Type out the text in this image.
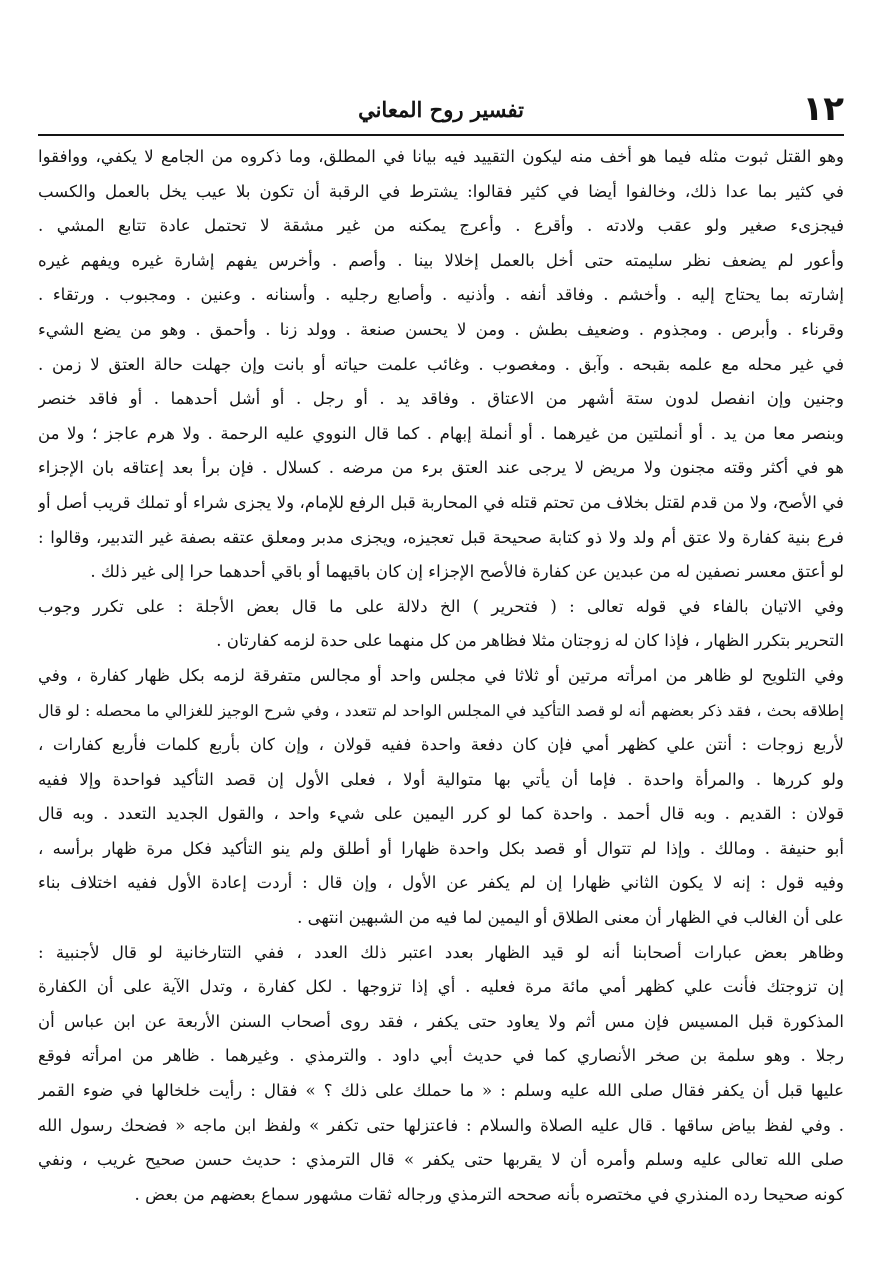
١٢
تفسير روح المعاني
وهو القتل ثبوت مثله فيما هو أخف منه ليكون التقييد فيه بيانا في المطلق، وما ذكروه من الجامع لا يكفي، ووافقوا
في كثير بما عدا ذلك، وخالفوا أيضا في كثير فقالوا: يشترط في الرقبة أن تكون بلا عيب يخل بالعمل والكسب
فيجزىء صغير ولو عقب ولادته . وأقرع . وأعرج يمكنه من غير مشقة لا تحتمل عادة تتابع المشي .
وأعور لم يضعف نظر سليمته حتى أخل بالعمل إخلالا بينا . وأصم . وأخرس يفهم إشارة غيره ويفهم غيره
إشارته بما يحتاج إليه . وأخشم . وفاقد أنفه . وأذنيه . وأصابع رجليه . وأسنانه . وعنين . ومجبوب . ورتقاء .
وقرناء . وأبرص . ومجذوم . وضعيف بطش . ومن لا يحسن صنعة . وولد زنا . وأحمق . وهو من يضع الشيء
في غير محله مع علمه بقبحه . وآبق . ومغصوب . وغائب علمت حياته أو بانت وإن جهلت حالة العتق لا زمن .
وجنين وإن انفصل لدون ستة أشهر من الاعتاق . وفاقد يد . أو رجل . أو أشل أحدهما . أو فاقد خنصر
وبنصر معا من يد . أو أنملتين من غيرهما . أو أنملة إبهام . كما قال النووي عليه الرحمة . ولا هرم عاجز ؛ ولا من
هو في أكثر وقته مجنون ولا مريض لا يرجى عند العتق برء من مرضه . كسلال . فإن برأ بعد إعتاقه بان الإجزاء
في الأصح، ولا من قدم لقتل بخلاف من تحتم قتله في المحاربة قبل الرفع للإمام، ولا يجزى شراء أو تملك قريب أصل أو
فرع بنية كفارة ولا عتق أم ولد ولا ذو كتابة صحيحة قبل تعجيزه، ويجزى مدبر ومعلق عتقه بصفة غير التدبير، وقالوا :
لو أعتق معسر نصفين له من عبدين عن كفارة فالأصح الإجزاء إن كان باقيهما أو باقي أحدهما حرا إلى غير ذلك .
وفي الاتيان بالفاء في قوله تعالى : ( فتحرير ) الخ دلالة على ما قال بعض الأجلة : على تكرر وجوب
التحرير بتكرر الظهار ، فإذا كان له زوجتان مثلا فظاهر من كل منهما على حدة لزمه كفارتان .
وفي التلويح لو ظاهر من امرأته مرتين أو ثلاثا في مجلس واحد أو مجالس متفرقة لزمه بكل ظهار كفارة ، وفي
إطلاقه بحث ، فقد ذكر بعضهم أنه لو قصد التأكيد في المجلس الواحد لم تتعدد ، وفي شرح الوجيز للغزالي ما محصله : لو قال
لأربع زوجات : أنتن علي كظهر أمي فإن كان دفعة واحدة ففيه قولان ، وإن كان بأربع كلمات فأربع كفارات ،
ولو كررها . والمرأة واحدة . فإما أن يأتي بها متوالية أولا ، فعلى الأول إن قصد التأكيد فواحدة وإلا ففيه
قولان : القديم . وبه قال أحمد . واحدة كما لو كرر اليمين على شيء واحد ، والقول الجديد التعدد . وبه قال
أبو حنيفة . ومالك . وإذا لم تتوال أو قصد بكل واحدة ظهارا أو أطلق ولم ينو التأكيد فكل مرة ظهار برأسه ،
وفيه قول : إنه لا يكون الثاني ظهارا إن لم يكفر عن الأول ، وإن قال : أردت إعادة الأول ففيه اختلاف بناء
على أن الغالب في الظهار أن معنى الطلاق أو اليمين لما فيه من الشبهين انتهى .
وظاهر بعض عبارات أصحابنا أنه لو قيد الظهار بعدد اعتبر ذلك العدد ، ففي التتارخانية لو قال لأجنبية :
إن تزوجتك فأنت علي كظهر أمي مائة مرة فعليه . أي إذا تزوجها . لكل كفارة ، وتدل الآية على أن الكفارة
المذكورة قبل المسيس فإن مس أثم ولا يعاود حتى يكفر ، فقد روى أصحاب السنن الأربعة عن ابن عباس أن
رجلا . وهو سلمة بن صخر الأنصاري كما في حديث أبي داود . والترمذي . وغيرهما . ظاهر من امرأته فوقع
عليها قبل أن يكفر فقال صلى الله عليه وسلم : « ما حملك على ذلك ؟ » فقال : رأيت خلخالها في ضوء القمر
. وفي لفظ بياض ساقها . قال عليه الصلاة والسلام : فاعتزلها حتى تكفر » ولفظ ابن ماجه « فضحك رسول الله
صلى الله تعالى عليه وسلم وأمره أن لا يقربها حتى يكفر » قال الترمذي : حديث حسن صحيح غريب ، ونفي
كونه صحيحا رده المنذري في مختصره بأنه صححه الترمذي ورجاله ثقات مشهور سماع بعضهم من بعض .
